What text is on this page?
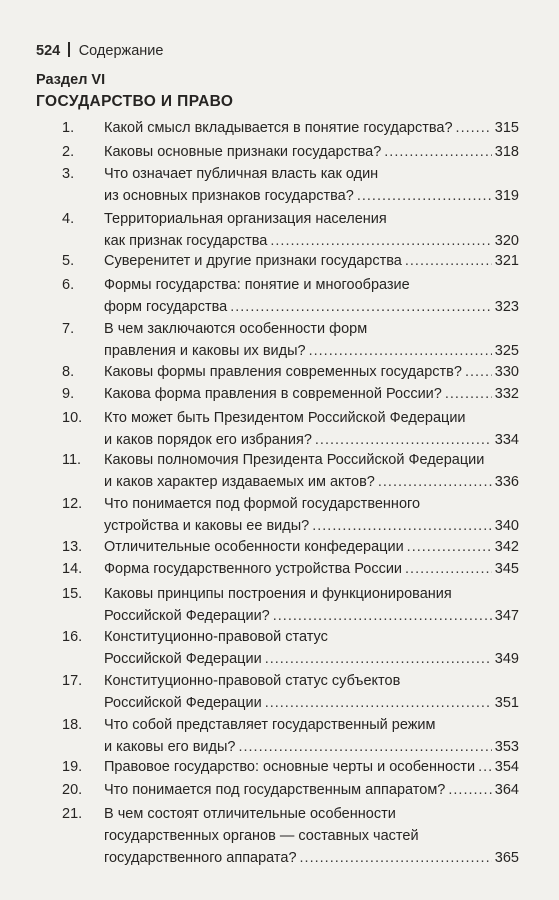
524 Содержание
Раздел VI
ГОСУДАРСТВО И ПРАВО
1.	Какой смысл вкладывается в понятие государства? .....	315
2.	Каковы основные признаки государства? .....	318
3.	Что означает публичная власть как один
из основных признаков государства? .....	319
4.	Территориальная организация населения
как признак государства .....	320
5.	Суверенитет и другие признаки государства .....	321
6.	Формы государства: понятие и многообразие
форм государства .....	323
7.	В чем заключаются особенности форм
правления и каковы их виды? .....	325
8.	Каковы формы правления современных государств? ..... 330
9.	Какова форма правления в современной России? .....	332
10.	Кто может быть Президентом Российской Федерации
и каков порядок его избрания? .....	334
11.	Каковы полномочия Президента Российской Федерации
и каков характер издаваемых им актов? .....	336
12.	Что понимается под формой государственного
устройства и каковы ее виды? .....	340
13.	Отличительные особенности конфедерации .....	342
14.	Форма государственного устройства России .....	345
15.	Каковы принципы построения и функционирования
Российской Федерации? .....	347
16.	Конституционно-правовой статус
Российской Федерации .....	349
17.	Конституционно-правовой статус субъектов
Российской Федерации .....	351
18.	Что собой представляет государственный режим
и каковы его виды? .....	353
19.	Правовое государство: основные черты и особенности ..... 354
20.	Что понимается под государственным аппаратом? .....	364
21.	В чем состоят отличительные особенности
государственных органов — составных частей
государственного аппарата? .....	365
